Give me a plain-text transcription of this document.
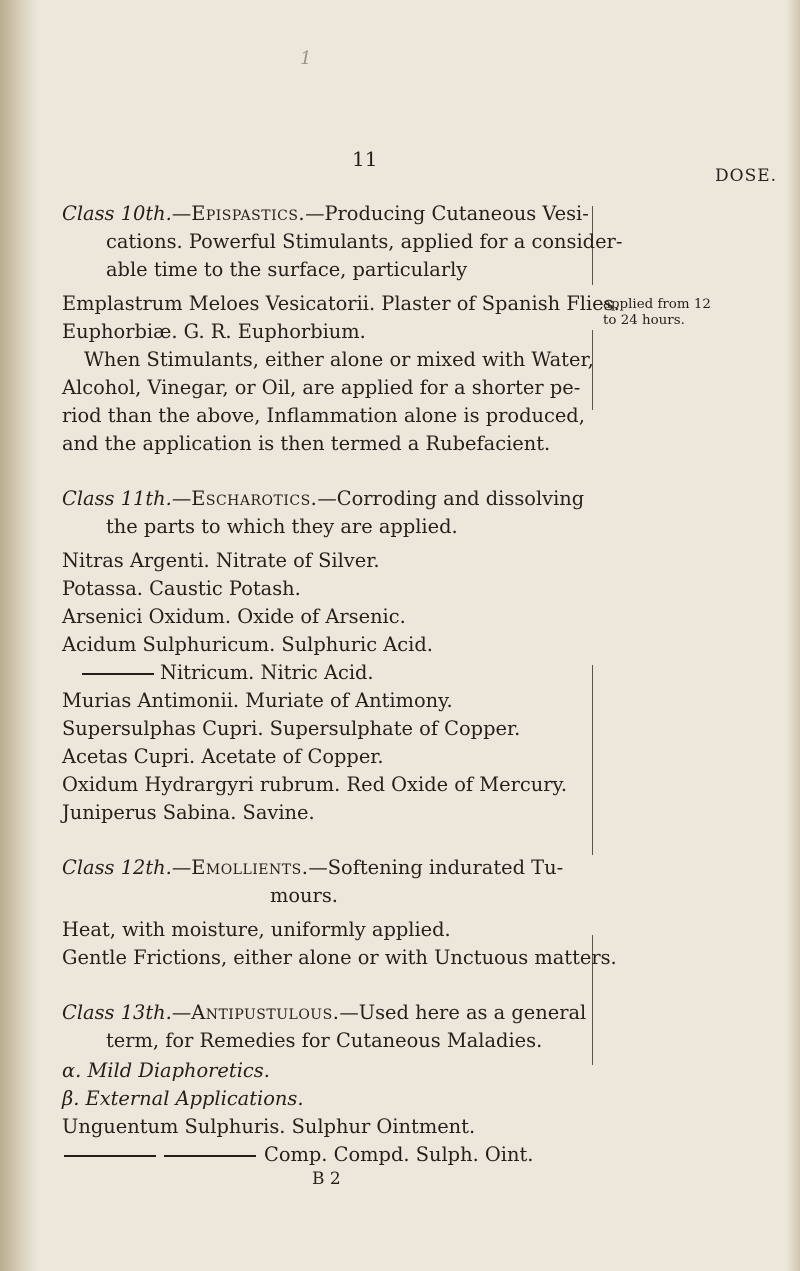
1
11
DOSE.
applied from 12
to 24 hours.
Class 10th.—Epispastics.—Producing Cutaneous Vesi-
cations. Powerful Stimulants, applied for a consider-
able time to the surface, particularly
Emplastrum Meloes Vesicatorii. Plaster of Spanish Flies.
Euphorbiæ. G. R. Euphorbium.
When Stimulants, either alone or mixed with Water,
Alcohol, Vinegar, or Oil, are applied for a shorter pe-
riod than the above, Inflammation alone is produced,
and the application is then termed a Rubefacient.
Class 11th.—Escharotics.—Corroding and dissolving
the parts to which they are applied.
Nitras Argenti. Nitrate of Silver.
Potassa. Caustic Potash.
Arsenici Oxidum. Oxide of Arsenic.
Acidum Sulphuricum. Sulphuric Acid.
Nitricum. Nitric Acid.
Murias Antimonii. Muriate of Antimony.
Supersulphas Cupri. Supersulphate of Copper.
Acetas Cupri. Acetate of Copper.
Oxidum Hydrargyri rubrum. Red Oxide of Mercury.
Juniperus Sabina. Savine.
Class 12th.—Emollients.—Softening indurated Tu-
mours.
Heat, with moisture, uniformly applied.
Gentle Frictions, either alone or with Unctuous matters.
Class 13th.—Antipustulous.—Used here as a general
term, for Remedies for Cutaneous Maladies.
α. Mild Diaphoretics.
β. External Applications.
Unguentum Sulphuris. Sulphur Ointment.
Comp. Compd. Sulph. Oint.
B 2
